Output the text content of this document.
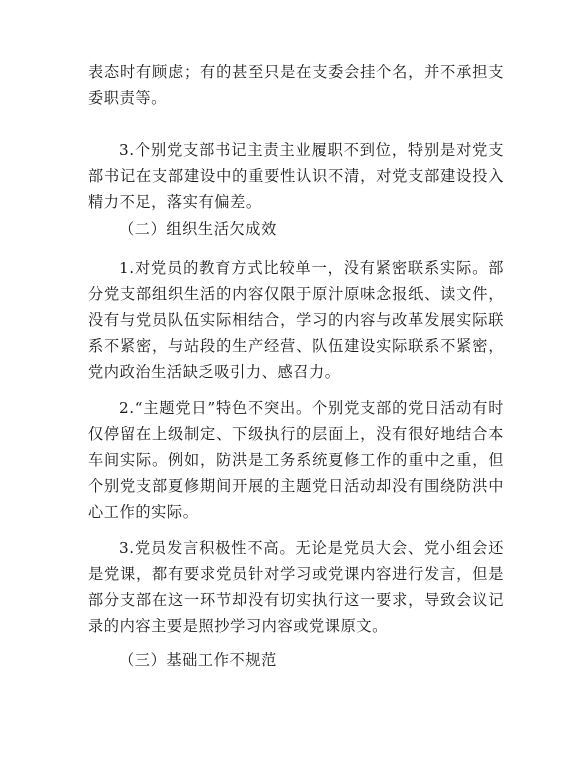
表态时有顾虑；有的甚至只是在支委会挂个名，并不承担支委职责等。

3.个别党支部书记主责主业履职不到位，特别是对党支部书记在支部建设中的重要性认识不清，对党支部建设投入精力不足，落实有偏差。

（二）组织生活欠成效

1.对党员的教育方式比较单一，没有紧密联系实际。部分党支部组织生活的内容仅限于原汁原味念报纸、读文件，没有与党员队伍实际相结合，学习的内容与改革发展实际联系不紧密，与站段的生产经营、队伍建设实际联系不紧密，党内政治生活缺乏吸引力、感召力。

2.“主题党日”特色不突出。个别党支部的党日活动有时仅停留在上级制定、下级执行的层面上，没有很好地结合本车间实际。例如，防洪是工务系统夏修工作的重中之重，但个别党支部夏修期间开展的主题党日活动却没有围绕防洪中心工作的实际。

3.党员发言积极性不高。无论是党员大会、党小组会还是党课，都有要求党员针对学习或党课内容进行发言，但是部分支部在这一环节却没有切实执行这一要求，导致会议记录的内容主要是照抄学习内容或党课原文。

（三）基础工作不规范
